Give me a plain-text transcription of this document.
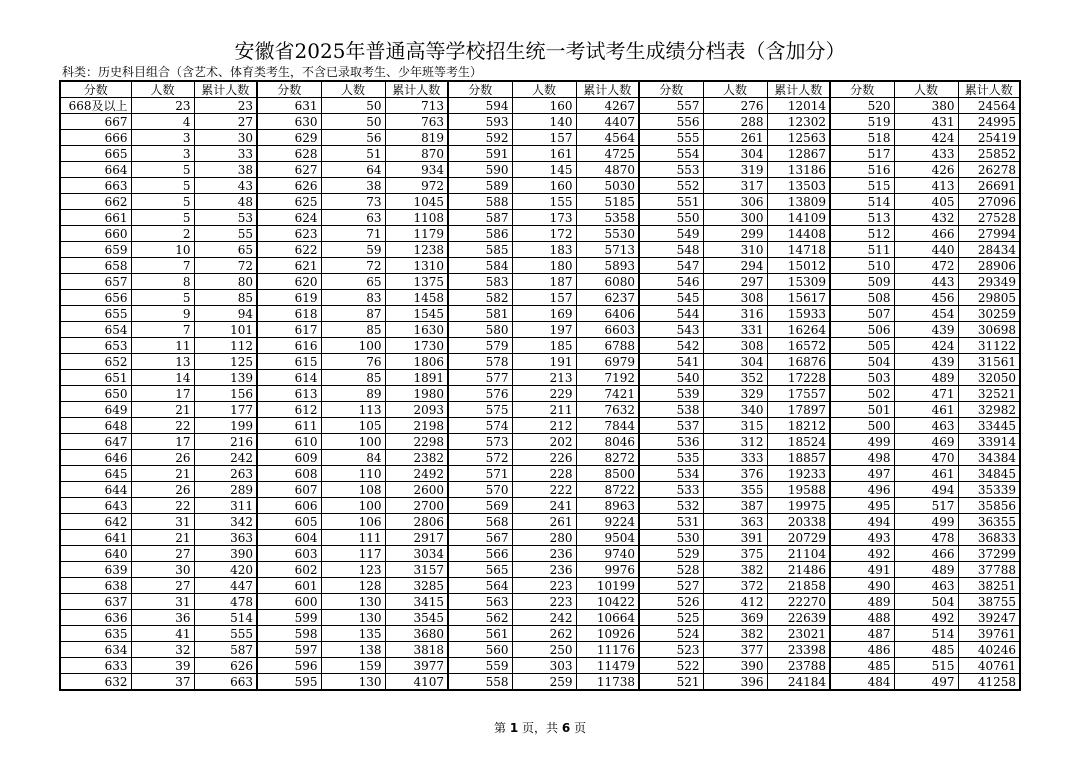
安徽省2025年普通高等学校招生统一考试考生成绩分档表（含加分）
科类：历史科目组合（含艺术、体育类考生，不含已录取考生、少年班等考生）
分数	人数	累计人数	分数	人数	累计人数	分数	人数	累计人数	分数	人数	累计人数	分数	人数	累计人数
668及以上	23	23	631	50	713	594	160	4267	557	276	12014	520	380	24564
667	4	27	630	50	763	593	140	4407	556	288	12302	519	431	24995
666	3	30	629	56	819	592	157	4564	555	261	12563	518	424	25419
665	3	33	628	51	870	591	161	4725	554	304	12867	517	433	25852
664	5	38	627	64	934	590	145	4870	553	319	13186	516	426	26278
663	5	43	626	38	972	589	160	5030	552	317	13503	515	413	26691
662	5	48	625	73	1045	588	155	5185	551	306	13809	514	405	27096
661	5	53	624	63	1108	587	173	5358	550	300	14109	513	432	27528
660	2	55	623	71	1179	586	172	5530	549	299	14408	512	466	27994
659	10	65	622	59	1238	585	183	5713	548	310	14718	511	440	28434
658	7	72	621	72	1310	584	180	5893	547	294	15012	510	472	28906
657	8	80	620	65	1375	583	187	6080	546	297	15309	509	443	29349
656	5	85	619	83	1458	582	157	6237	545	308	15617	508	456	29805
655	9	94	618	87	1545	581	169	6406	544	316	15933	507	454	30259
654	7	101	617	85	1630	580	197	6603	543	331	16264	506	439	30698
653	11	112	616	100	1730	579	185	6788	542	308	16572	505	424	31122
652	13	125	615	76	1806	578	191	6979	541	304	16876	504	439	31561
651	14	139	614	85	1891	577	213	7192	540	352	17228	503	489	32050
650	17	156	613	89	1980	576	229	7421	539	329	17557	502	471	32521
649	21	177	612	113	2093	575	211	7632	538	340	17897	501	461	32982
648	22	199	611	105	2198	574	212	7844	537	315	18212	500	463	33445
647	17	216	610	100	2298	573	202	8046	536	312	18524	499	469	33914
646	26	242	609	84	2382	572	226	8272	535	333	18857	498	470	34384
645	21	263	608	110	2492	571	228	8500	534	376	19233	497	461	34845
644	26	289	607	108	2600	570	222	8722	533	355	19588	496	494	35339
643	22	311	606	100	2700	569	241	8963	532	387	19975	495	517	35856
642	31	342	605	106	2806	568	261	9224	531	363	20338	494	499	36355
641	21	363	604	111	2917	567	280	9504	530	391	20729	493	478	36833
640	27	390	603	117	3034	566	236	9740	529	375	21104	492	466	37299
639	30	420	602	123	3157	565	236	9976	528	382	21486	491	489	37788
638	27	447	601	128	3285	564	223	10199	527	372	21858	490	463	38251
637	31	478	600	130	3415	563	223	10422	526	412	22270	489	504	38755
636	36	514	599	130	3545	562	242	10664	525	369	22639	488	492	39247
635	41	555	598	135	3680	561	262	10926	524	382	23021	487	514	39761
634	32	587	597	138	3818	560	250	11176	523	377	23398	486	485	40246
633	39	626	596	159	3977	559	303	11479	522	390	23788	485	515	40761
632	37	663	595	130	4107	558	259	11738	521	396	24184	484	497	41258
第 1 页，共 6 页
